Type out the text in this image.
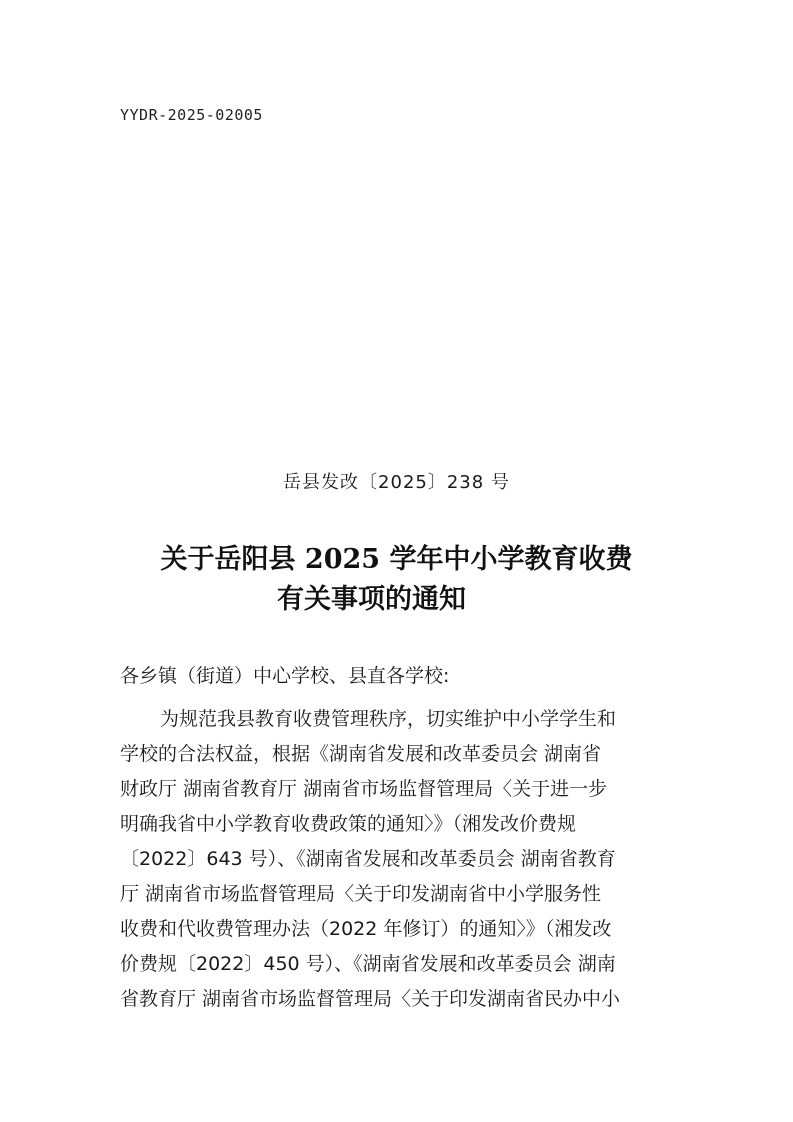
YYDR-2025-02005
岳县发改〔2025〕238 号
关于岳阳县 2025 学年中小学教育收费
有关事项的通知
各乡镇（街道）中心学校、县直各学校:
为规范我县教育收费管理秩序，切实维护中小学学生和
学校的合法权益，根据《湖南省发展和改革委员会 湖南省
财政厅 湖南省教育厅 湖南省市场监督管理局〈关于进一步
明确我省中小学教育收费政策的通知〉》（湘发改价费规
〔2022〕643 号）、《湖南省发展和改革委员会 湖南省教育
厅 湖南省市场监督管理局〈关于印发湖南省中小学服务性
收费和代收费管理办法（2022 年修订）的通知〉》（湘发改
价费规〔2022〕450 号）、《湖南省发展和改革委员会 湖南
省教育厅 湖南省市场监督管理局〈关于印发湖南省民办中小
